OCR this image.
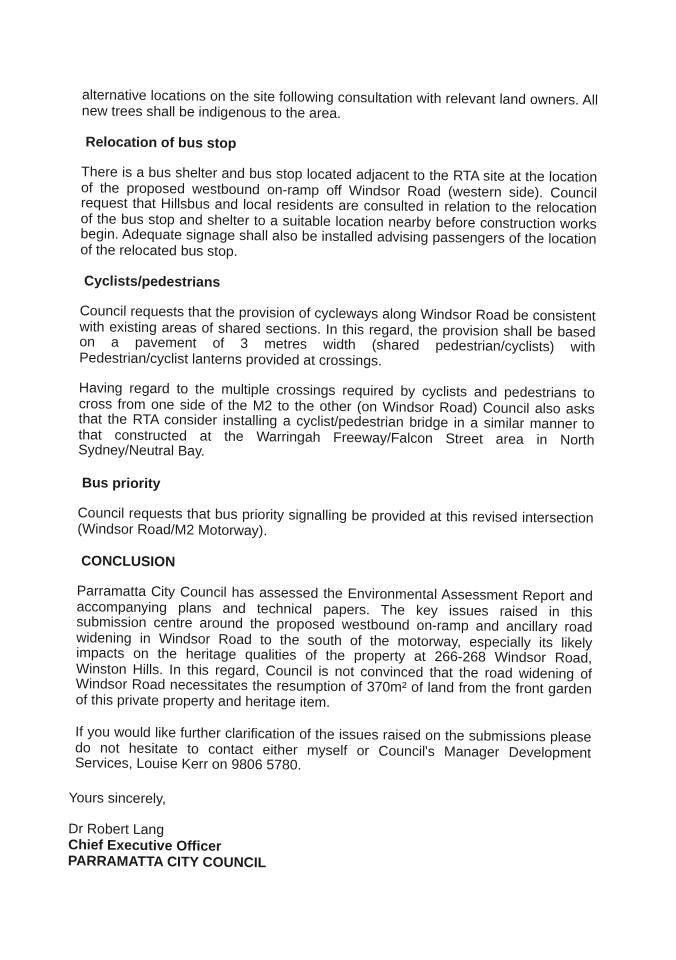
alternative locations on the site following consultation with relevant land owners. All new trees shall be indigenous to the area.

Relocation of bus stop

There is a bus shelter and bus stop located adjacent to the RTA site at the location of the proposed westbound on-ramp off Windsor Road (western side). Council request that Hillsbus and local residents are consulted in relation to the relocation of the bus stop and shelter to a suitable location nearby before construction works begin. Adequate signage shall also be installed advising passengers of the location of the relocated bus stop.

Cyclists/pedestrians

Council requests that the provision of cycleways along Windsor Road be consistent with existing areas of shared sections. In this regard, the provision shall be based on a pavement of 3 metres width (shared pedestrian/cyclists) with Pedestrian/cyclist lanterns provided at crossings.

Having regard to the multiple crossings required by cyclists and pedestrians to cross from one side of the M2 to the other (on Windsor Road) Council also asks that the RTA consider installing a cyclist/pedestrian bridge in a similar manner to that constructed at the Warringah Freeway/Falcon Street area in North Sydney/Neutral Bay.

Bus priority

Council requests that bus priority signalling be provided at this revised intersection (Windsor Road/M2 Motorway).

CONCLUSION

Parramatta City Council has assessed the Environmental Assessment Report and accompanying plans and technical papers. The key issues raised in this submission centre around the proposed westbound on-ramp and ancillary road widening in Windsor Road to the south of the motorway, especially its likely impacts on the heritage qualities of the property at 266-268 Windsor Road, Winston Hills. In this regard, Council is not convinced that the road widening of Windsor Road necessitates the resumption of 370m² of land from the front garden of this private property and heritage item.

If you would like further clarification of the issues raised on the submissions please do not hesitate to contact either myself or Council's Manager Development Services, Louise Kerr on 9806 5780.

Yours sincerely,

Dr Robert Lang

Chief Executive Officer

PARRAMATTA CITY COUNCIL
